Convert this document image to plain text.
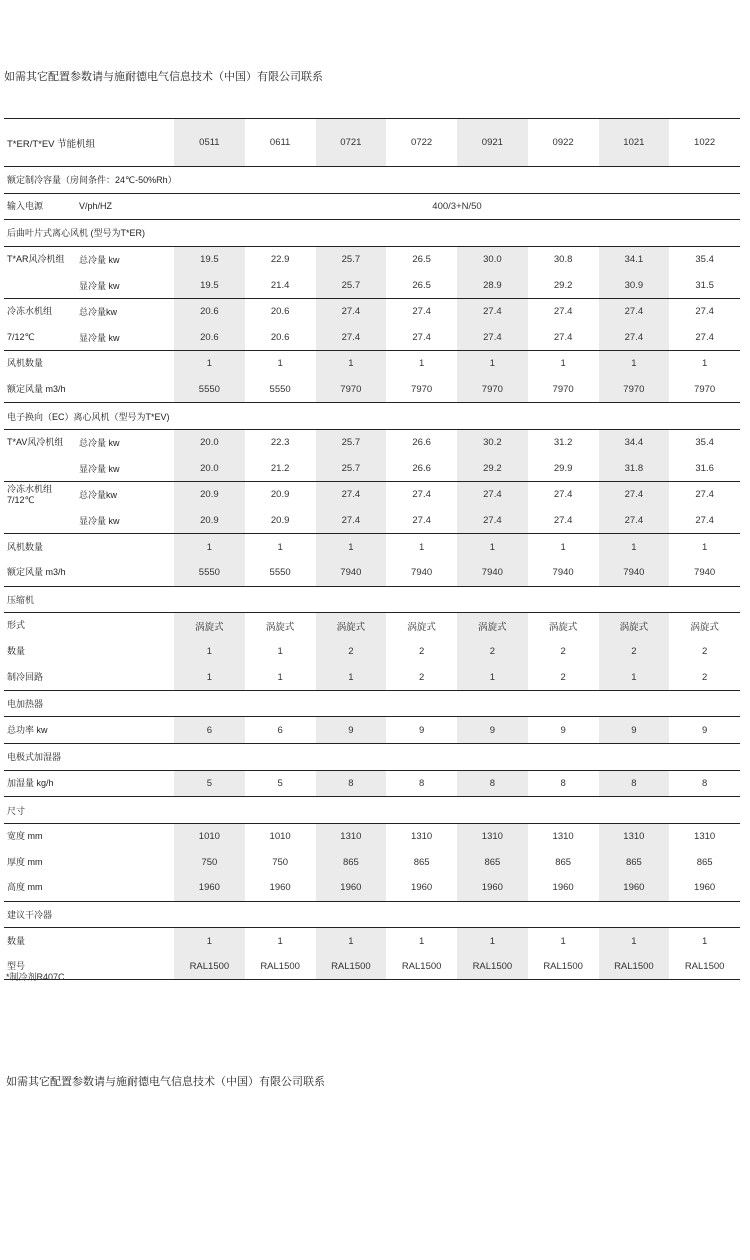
如需其它配置参数请与施耐德电气信息技术（中国）有限公司联系
T*ER/T*EV 节能机组	0511	0611	0721	0722	0921	0922	1021	1022
额定制冷容量（房间条件：24℃-50%Rh）
输入电源	V/ph/HZ	400/3+N/50
后曲叶片式离心风机 (型号为T*ER)
T*AR风冷机组	总冷量 kw	19.5	22.9	25.7	26.5	30.0	30.8	34.1	35.4
显冷量 kw	19.5	21.4	25.7	26.5	28.9	29.2	30.9	31.5
冷冻水机组	总冷量kw	20.6	20.6	27.4	27.4	27.4	27.4	27.4	27.4
7/12℃	显冷量 kw	20.6	20.6	27.4	27.4	27.4	27.4	27.4	27.4
风机数量	1	1	1	1	1	1	1	1
额定风量 m3/h	5550	5550	7970	7970	7970	7970	7970	7970
电子换向（EC）离心风机（型号为T*EV)
T*AV风冷机组	总冷量 kw	20.0	22.3	25.7	26.6	30.2	31.2	34.4	35.4
显冷量 kw	20.0	21.2	25.7	26.6	29.2	29.9	31.8	31.6
冷冻水机组
7/12℃	总冷量kw	20.9	20.9	27.4	27.4	27.4	27.4	27.4	27.4
显冷量 kw	20.9	20.9	27.4	27.4	27.4	27.4	27.4	27.4
风机数量	1	1	1	1	1	1	1	1
额定风量 m3/h	5550	5550	7940	7940	7940	7940	7940	7940
压缩机
形式	涡旋式	涡旋式	涡旋式	涡旋式	涡旋式	涡旋式	涡旋式	涡旋式
数量	1	1	2	2	2	2	2	2
制冷回路	1	1	1	2	1	2	1	2
电加热器
总功率 kw	6	6	9	9	9	9	9	9
电极式加湿器
加湿量 kg/h	5	5	8	8	8	8	8	8
尺寸
宽度 mm	1010	1010	1310	1310	1310	1310	1310	1310
厚度 mm	750	750	865	865	865	865	865	865
高度 mm	1960	1960	1960	1960	1960	1960	1960	1960
建议干冷器
数量	1	1	1	1	1	1	1	1
型号	RAL1500	RAL1500	RAL1500	RAL1500	RAL1500	RAL1500	RAL1500	RAL1500
*制冷剂R407C
如需其它配置参数请与施耐德电气信息技术（中国）有限公司联系
